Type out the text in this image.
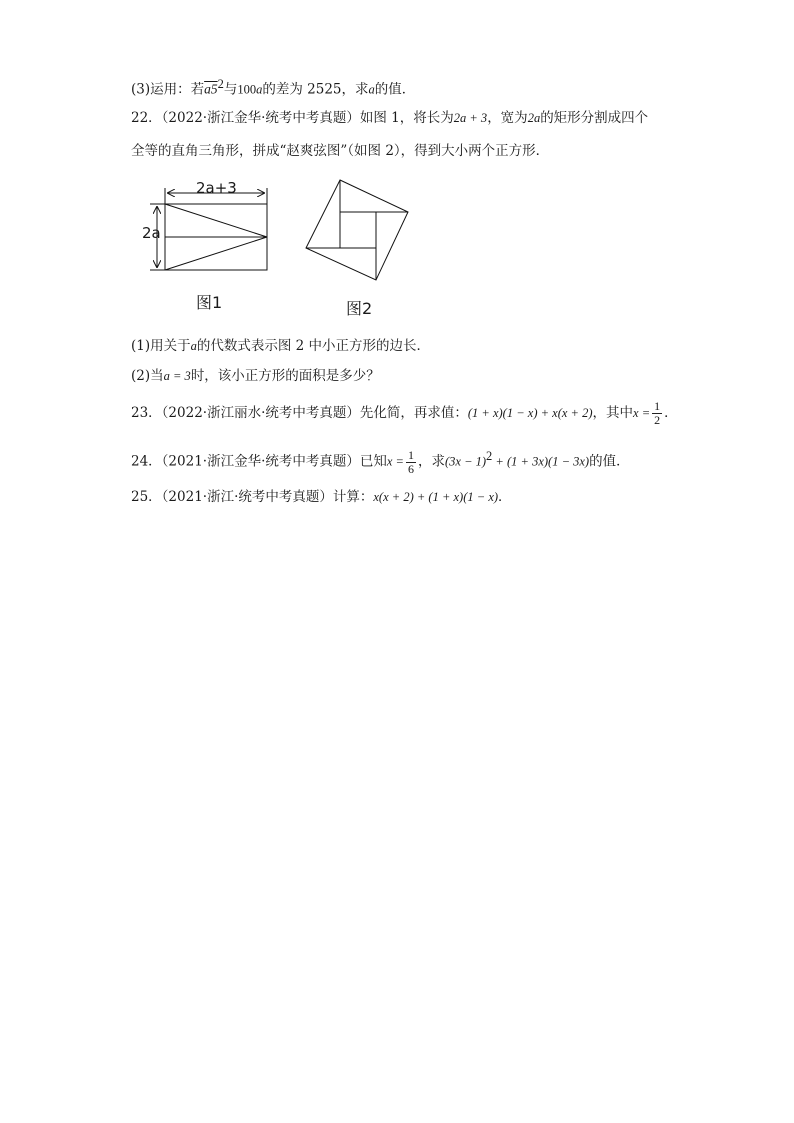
(3)运用：若$a5^2$与100a的差为 2525，求a的值．
22．（2022·浙江金华·统考中考真题）如图 1，将长为2a + 3，宽为2a的矩形分割成四个
全等的直角三角形，拼成“赵爽弦图”（如图 2），得到大小两个正方形．
2a+3
2a
图1	图2
(1)用关于a的代数式表示图 2 中小正方形的边长．
(2)当a = 3时，该小正方形的面积是多少？
23．（2022·浙江丽水·统考中考真题）先化简，再求值：(1 + x)(1 − x) + x(x + 2)，其中$x = \frac{1}{2}$ ．
24．（2021·浙江金华·统考中考真题）已知$x = \frac{1}{6}$ ，求$(3x - 1)^2 + (1 + 3x)(1 - 3x)$的值．
25．（2021·浙江·统考中考真题）计算：x(x + 2) + (1 + x)(1 − x)．
